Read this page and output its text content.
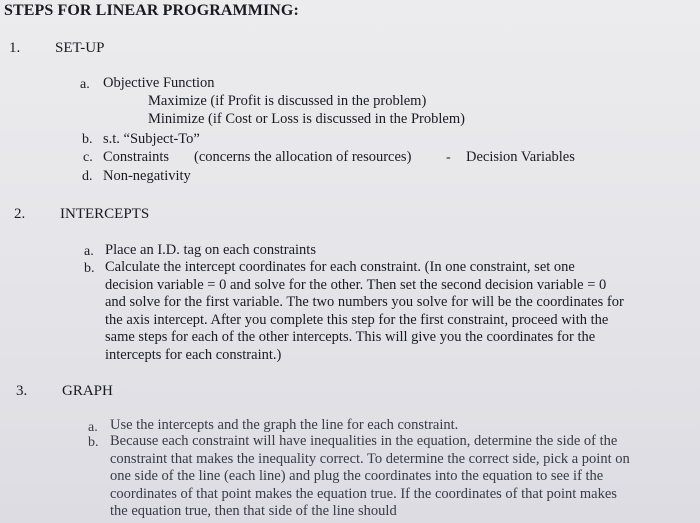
STEPS FOR LINEAR PROGRAMMING:
1. SET-UP
a. Objective Function
Maximize (if Profit is discussed in the problem)
Minimize (if Cost or Loss is discussed in the Problem)
b. s.t. “Subject-To”
c. Constraints (concerns the allocation of resources) - Decision Variables
d. Non-negativity
2. INTERCEPTS
a. Place an I.D. tag on each constraints
b. Calculate the intercept coordinates for each constraint. (In one constraint, set one decision variable = 0 and solve for the other. Then set the second decision variable = 0 and solve for the first variable. The two numbers you solve for will be the coordinates for the axis intercept. After you complete this step for the first constraint, proceed with the same steps for each of the other intercepts. This will give you the coordinates for the intercepts for each constraint.)
3. GRAPH
a. Use the intercepts and the graph the line for each constraint.
b. Because each constraint will have inequalities in the equation, determine the side of the constraint that makes the inequality correct. To determine the correct side, pick a point on one side of the line (each line) and plug the coordinates into the equation to see if the coordinates of that point makes the equation true. If the coordinates of that point makes the equation true, then that side of the line should
